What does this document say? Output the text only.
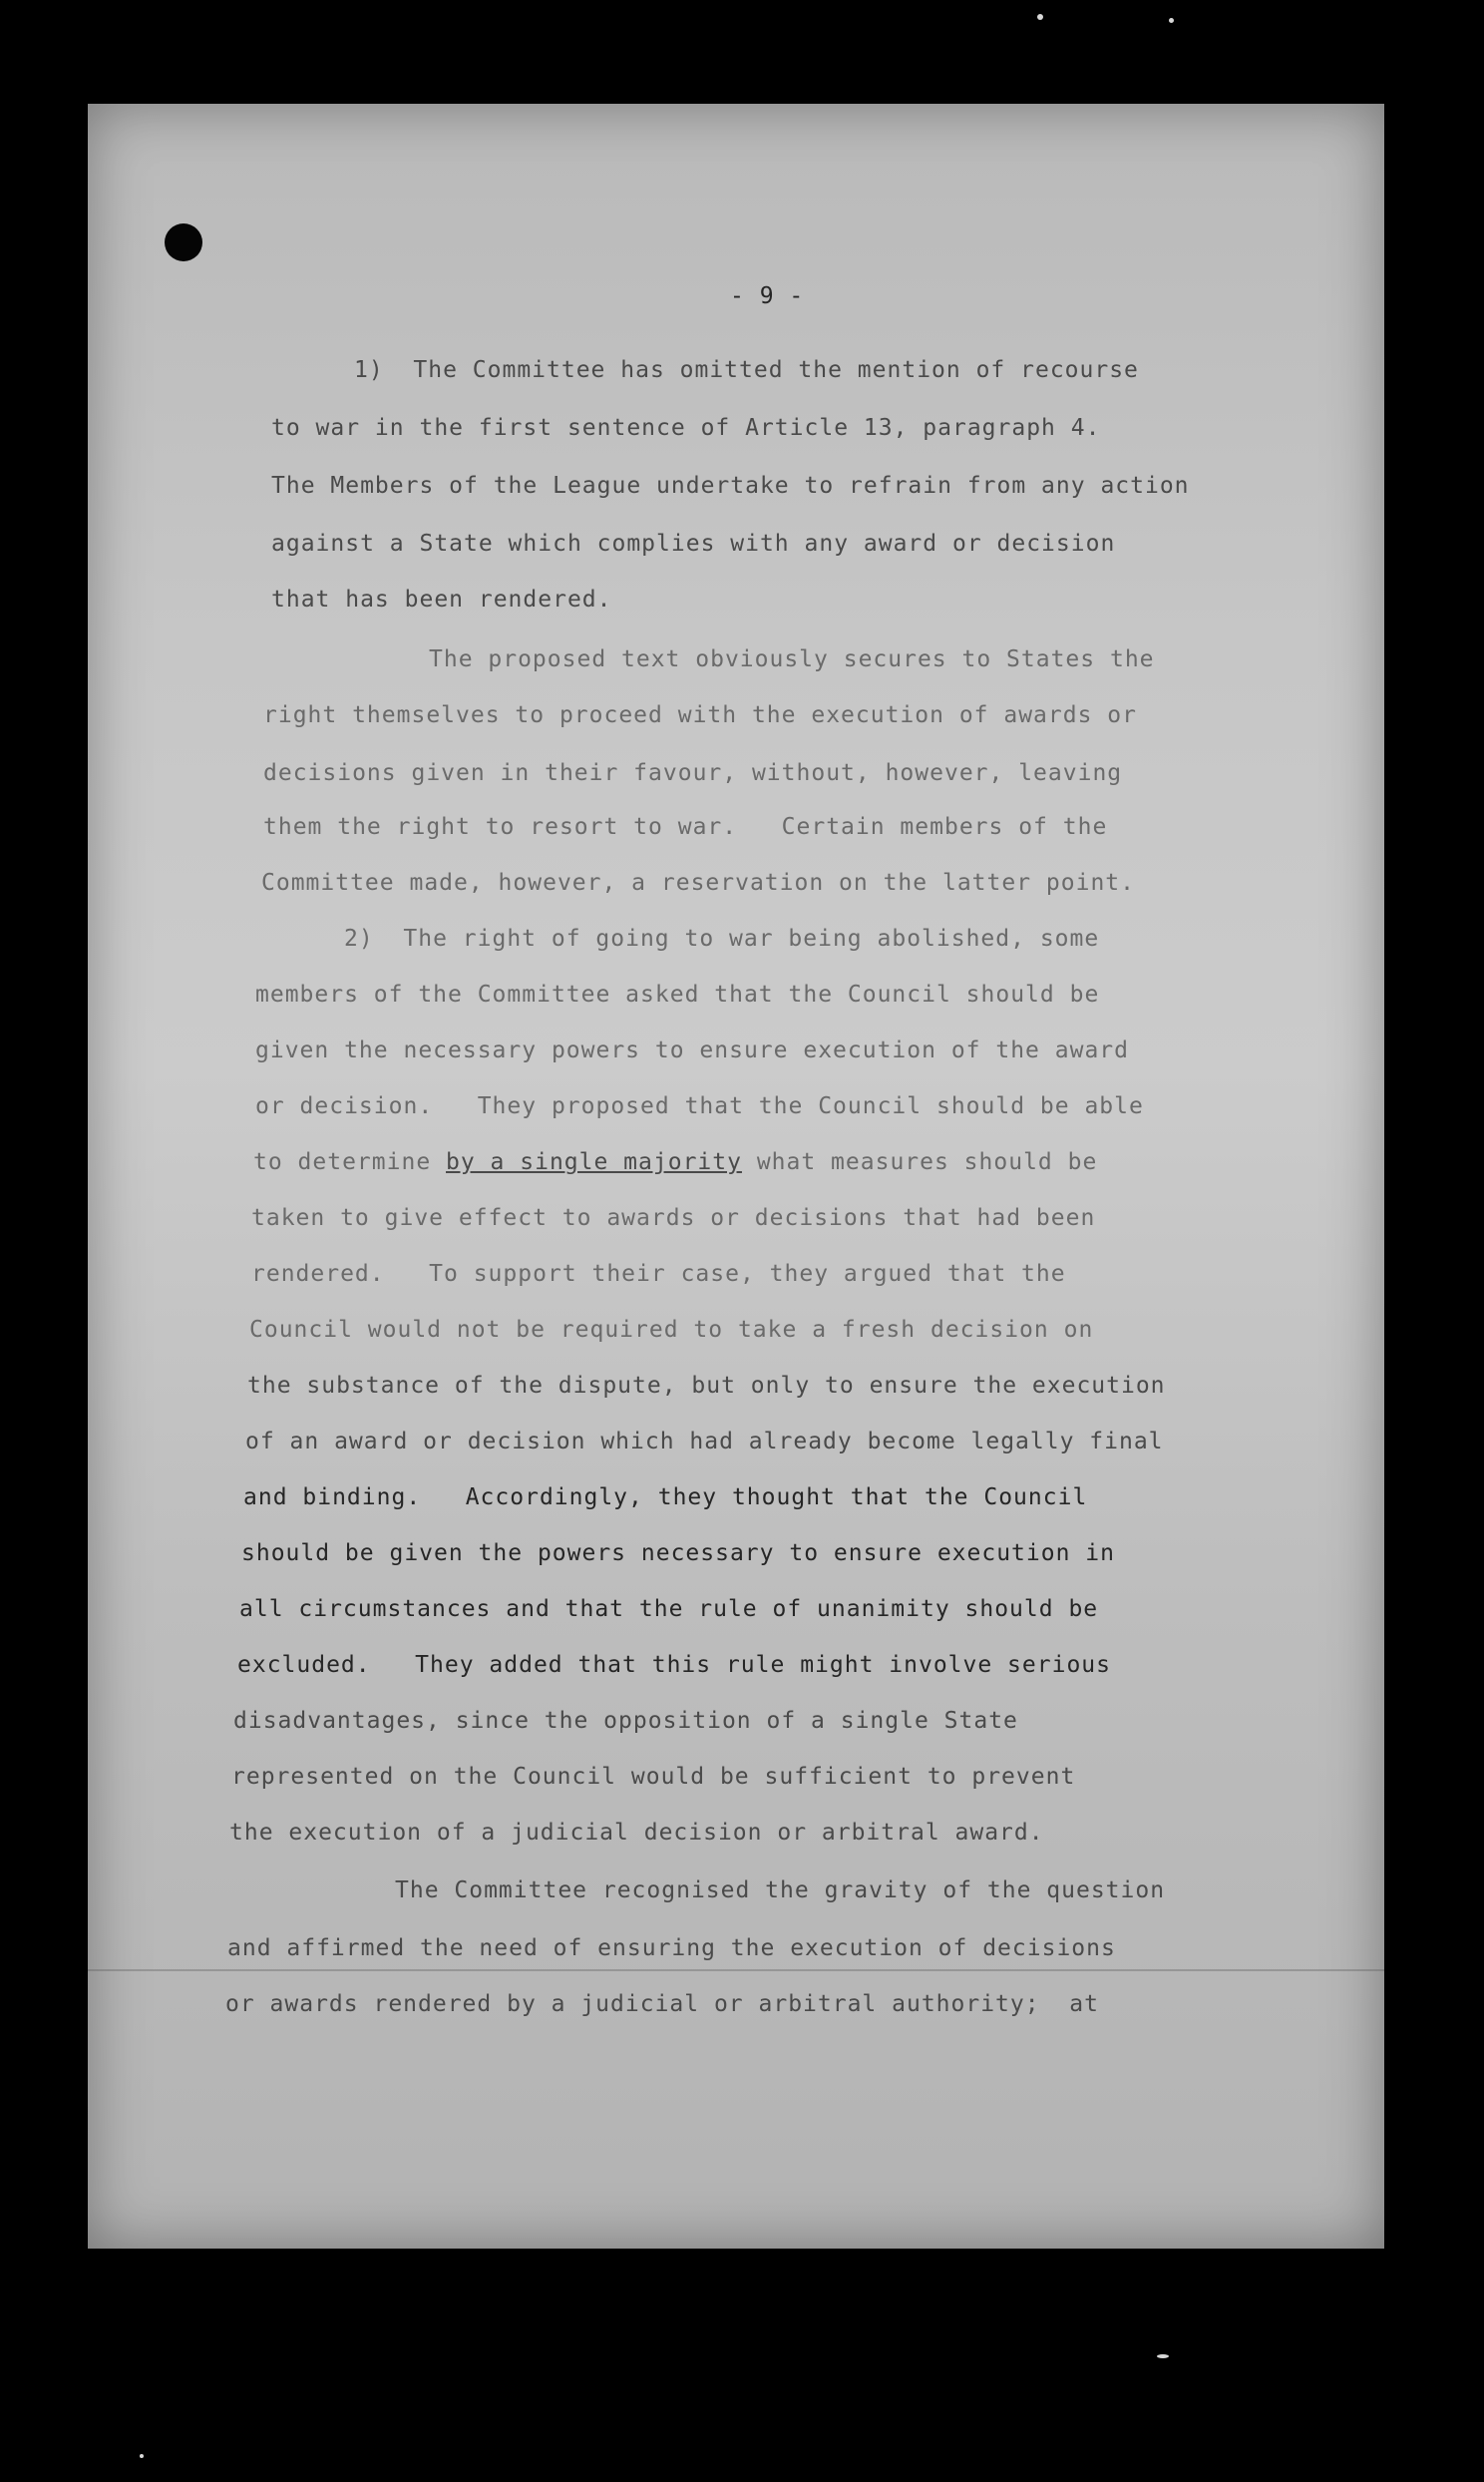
- 9 -

1)  The Committee has omitted the mention of recourse

to war in the first sentence of Article 13, paragraph 4.

The Members of the League undertake to refrain from any action

against a State which complies with any award or decision

that has been rendered.

The proposed text obviously secures to States the

right themselves to proceed with the execution of awards or

decisions given in their favour, without, however, leaving

them the right to resort to war.   Certain members of the

Committee made, however, a reservation on the latter point.

2)  The right of going to war being abolished, some

members of the Committee asked that the Council should be

given the necessary powers to ensure execution of the award

or decision.   They proposed that the Council should be able

to determine by a single majority what measures should be

taken to give effect to awards or decisions that had been

rendered.   To support their case, they argued that the

Council would not be required to take a fresh decision on

the substance of the dispute, but only to ensure the execution

of an award or decision which had already become legally final

and binding.   Accordingly, they thought that the Council

should be given the powers necessary to ensure execution in

all circumstances and that the rule of unanimity should be

excluded.   They added that this rule might involve serious

disadvantages, since the opposition of a single State

represented on the Council would be sufficient to prevent

the execution of a judicial decision or arbitral award.

The Committee recognised the gravity of the question

and affirmed the need of ensuring the execution of decisions

or awards rendered by a judicial or arbitral authority;  at
